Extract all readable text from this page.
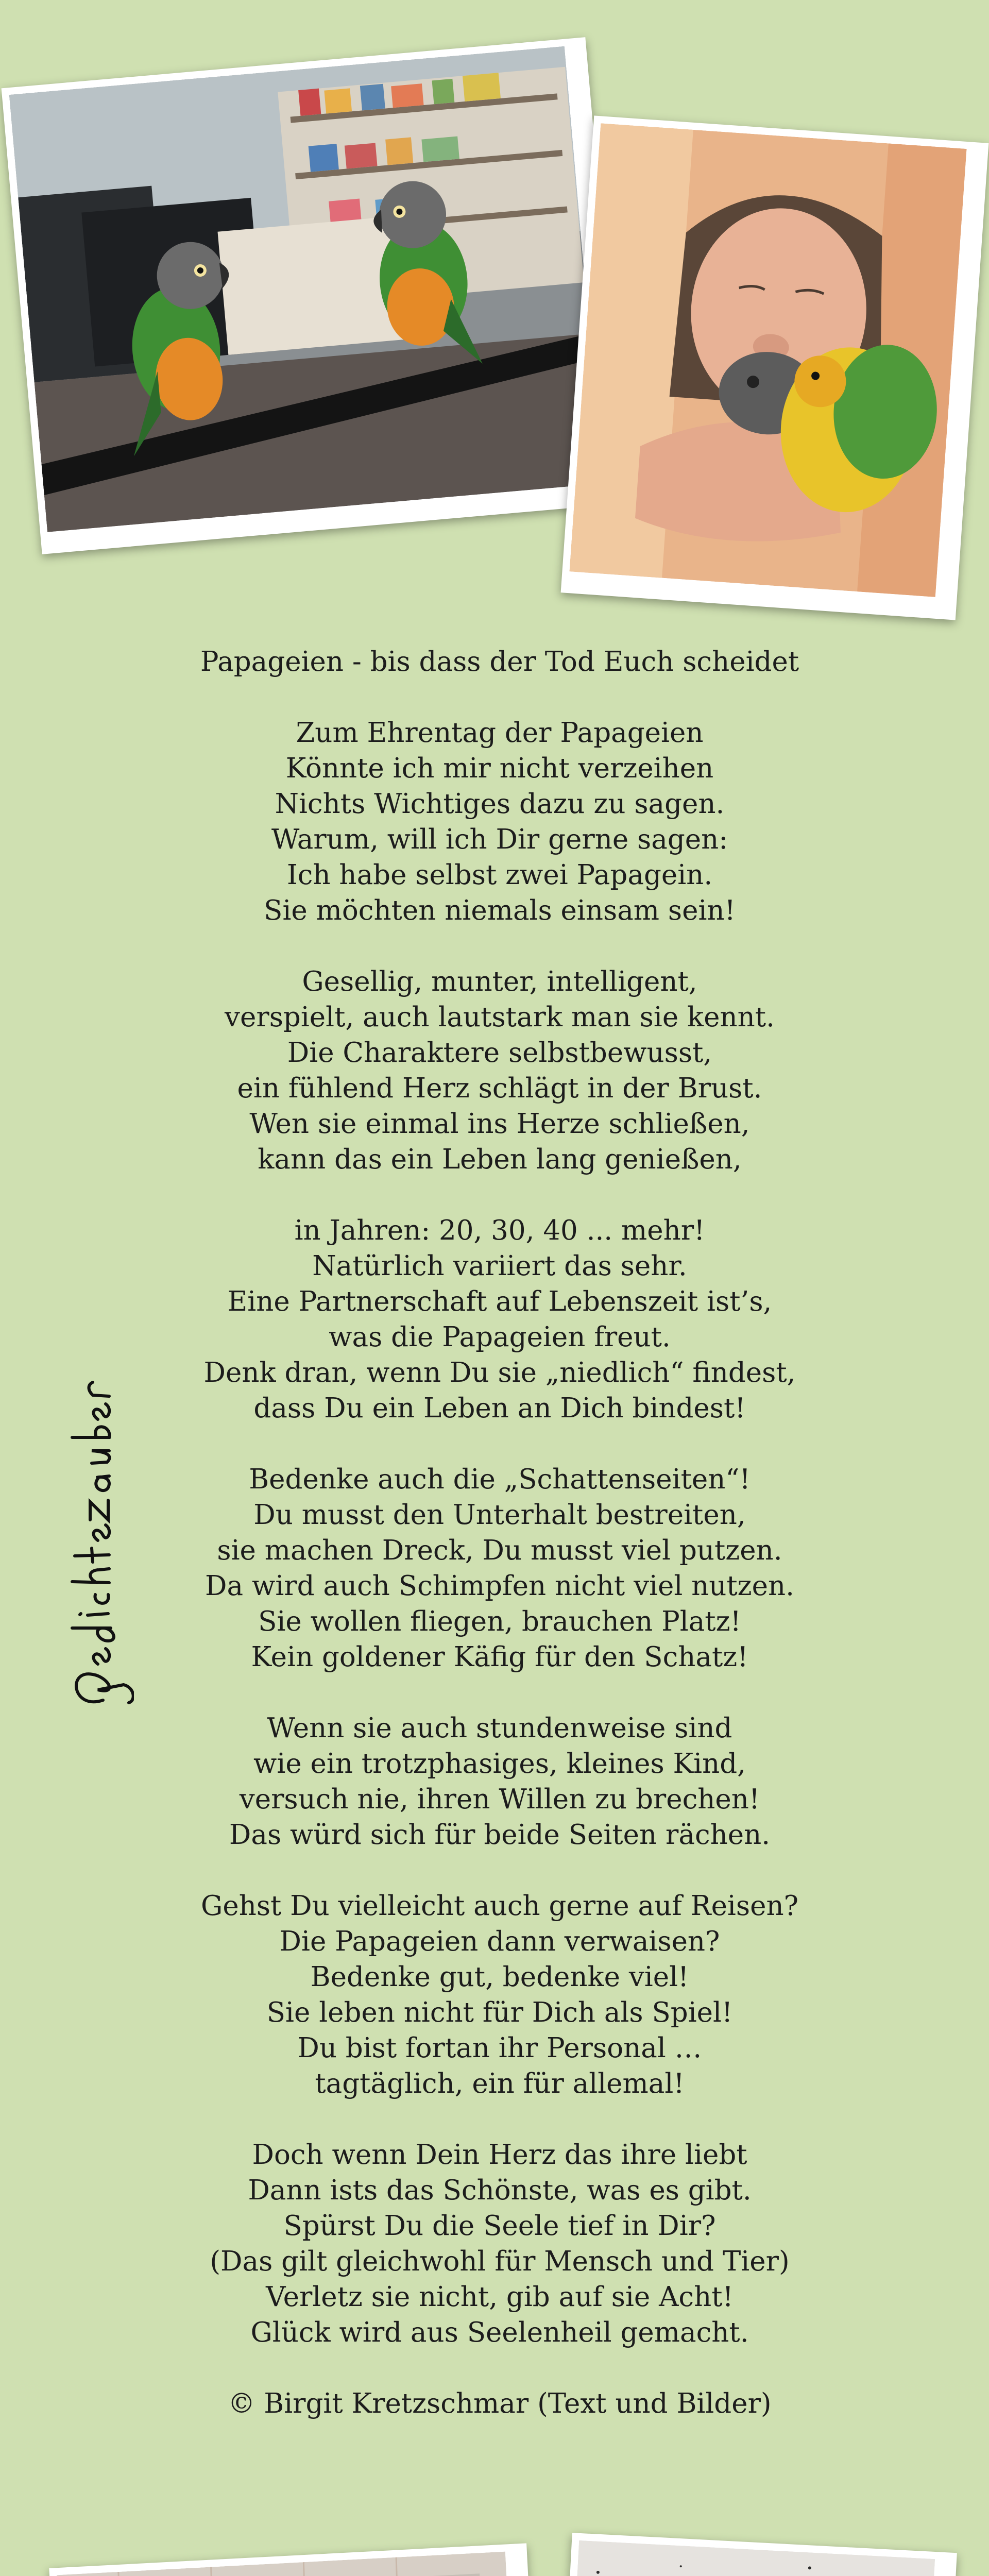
Papageien - bis dass der Tod Euch scheidet
Zum Ehrentag der Papageien
Könnte ich mir nicht verzeihen
Nichts Wichtiges dazu zu sagen.
Warum, will ich Dir gerne sagen:
Ich habe selbst zwei Papagein.
Sie möchten niemals einsam sein!
Gesellig, munter, intelligent,
verspielt, auch lautstark man sie kennt.
Die Charaktere selbstbewusst,
ein fühlend Herz schlägt in der Brust.
Wen sie einmal ins Herze schließen,
kann das ein Leben lang genießen,
in Jahren: 20, 30, 40 ... mehr!
Natürlich variiert das sehr.
Eine Partnerschaft auf Lebenszeit ist’s,
was die Papageien freut.
Denk dran, wenn Du sie „niedlich“ findest,
dass Du ein Leben an Dich bindest!
Bedenke auch die „Schattenseiten“!
Du musst den Unterhalt bestreiten,
sie machen Dreck, Du musst viel putzen.
Da wird auch Schimpfen nicht viel nutzen.
Sie wollen fliegen, brauchen Platz!
Kein goldener Käfig für den Schatz!
Wenn sie auch stundenweise sind
wie ein trotzphasiges, kleines Kind,
versuch nie, ihren Willen zu brechen!
Das würd sich für beide Seiten rächen.
Gehst Du vielleicht auch gerne auf Reisen?
Die Papageien dann verwaisen?
Bedenke gut, bedenke viel!
Sie leben nicht für Dich als Spiel!
Du bist fortan ihr Personal …
tagtäglich, ein für allemal!
Doch wenn Dein Herz das ihre liebt
Dann ists das Schönste, was es gibt.
Spürst Du die Seele tief in Dir?
(Das gilt gleichwohl für Mensch und Tier)
Verletz sie nicht, gib auf sie Acht!
Glück wird aus Seelenheil gemacht.
© Birgit Kretzschmar (Text und Bilder)
